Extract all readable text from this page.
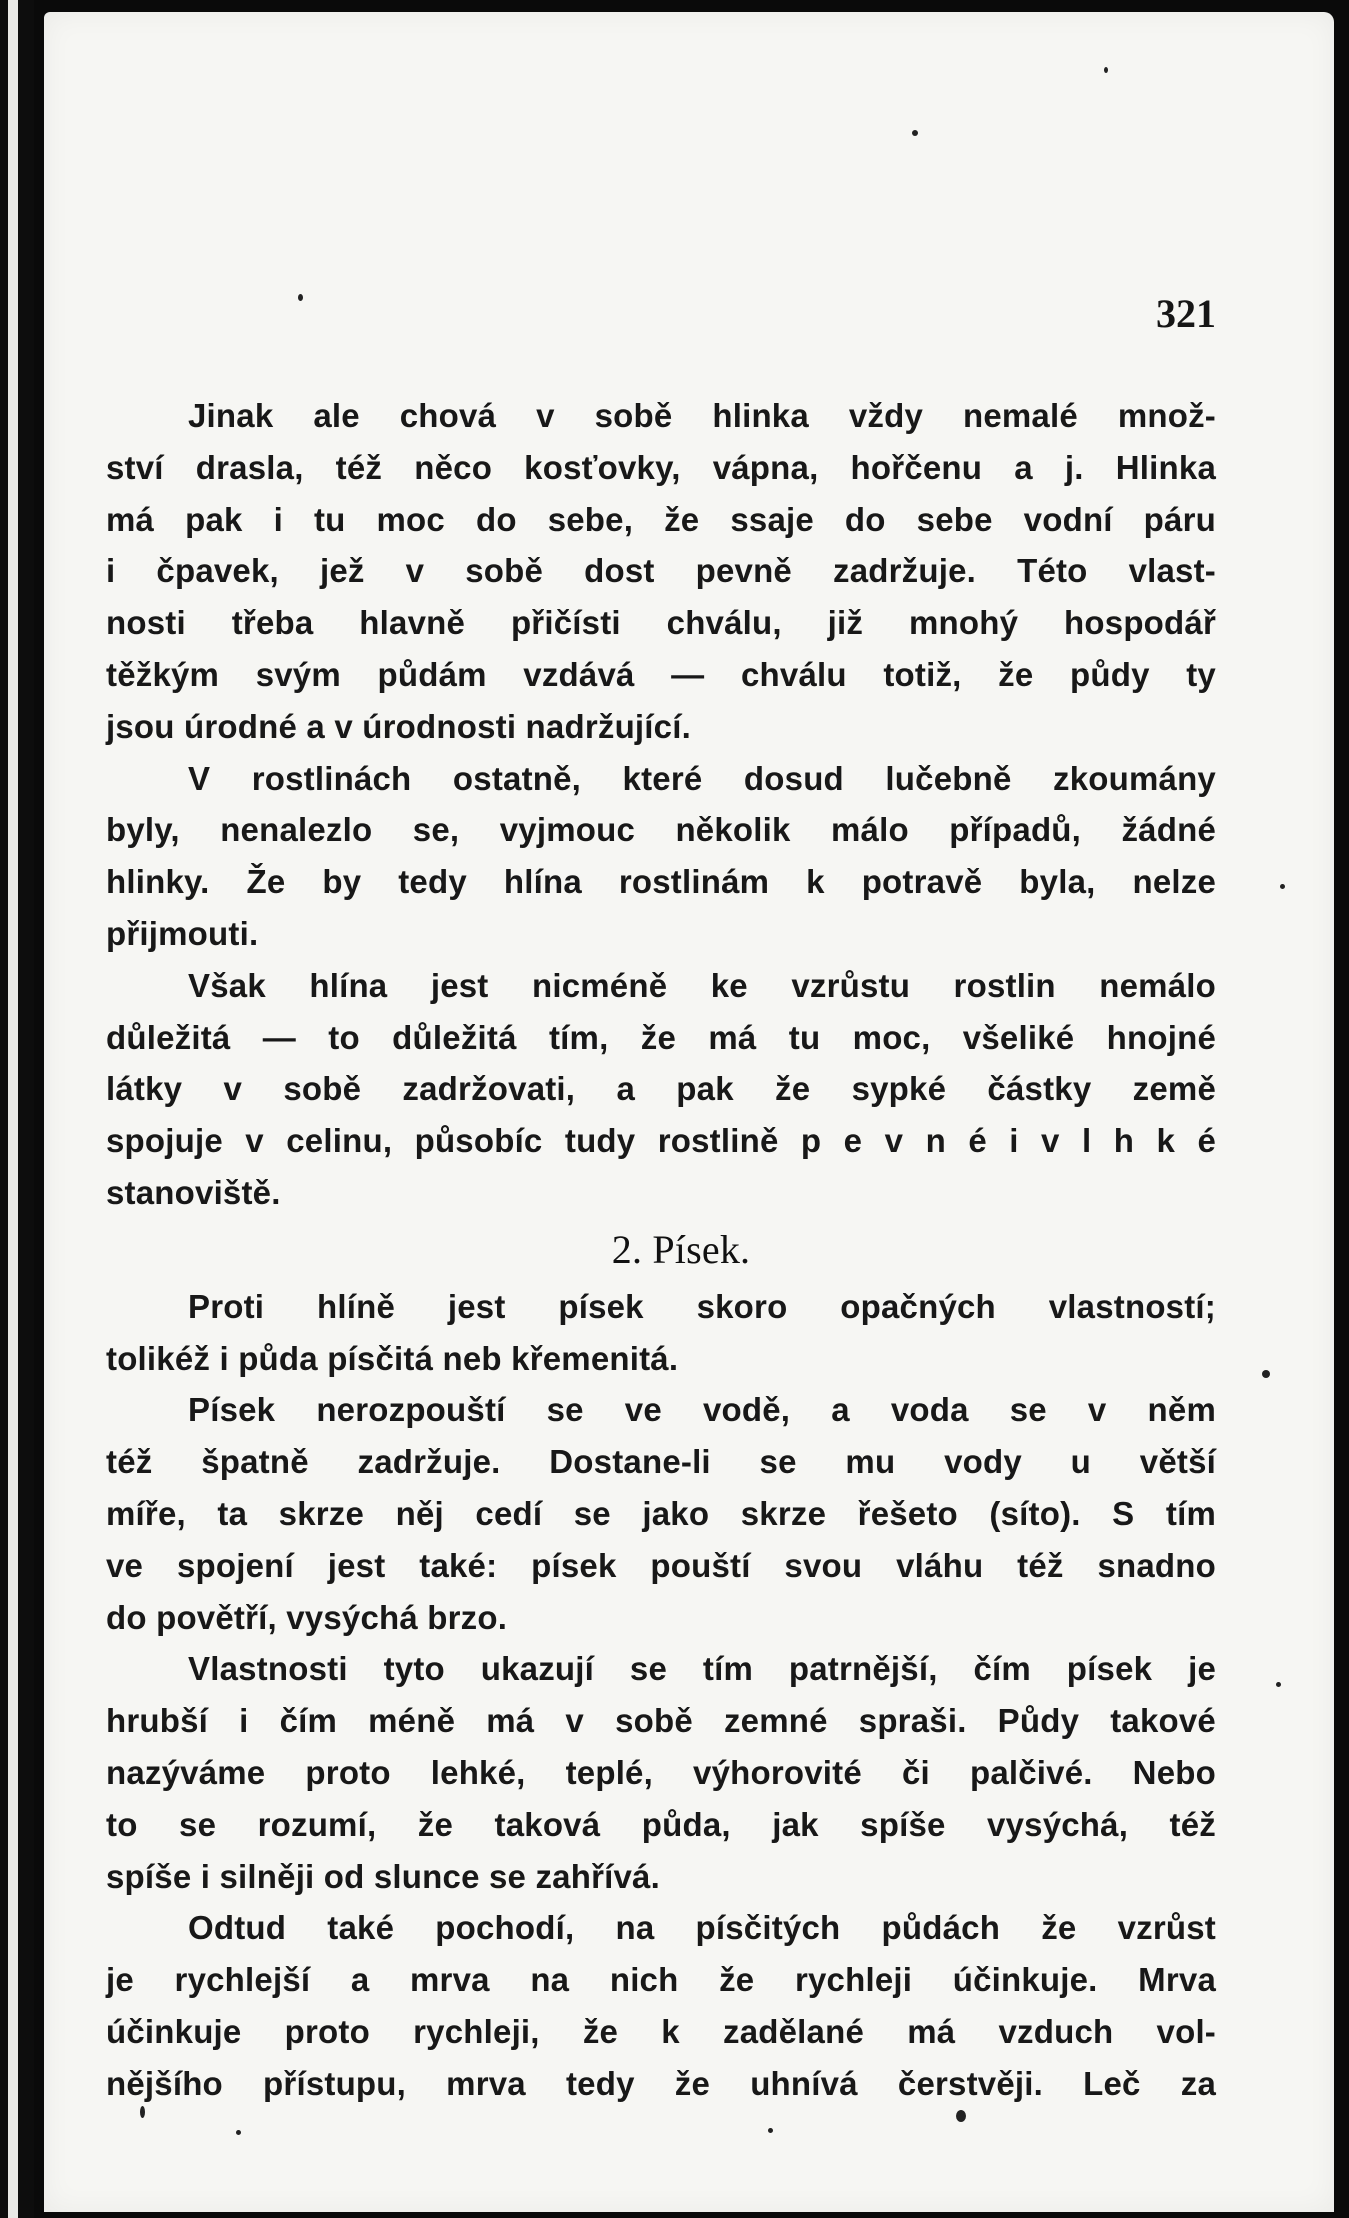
321
Jinak ale chová v sobě hlinka vždy nemalé množ-
ství drasla, též něco kosťovky, vápna, hořčenu a j. Hlinka
má pak i tu moc do sebe, že ssaje do sebe vodní páru
i čpavek, jež v sobě dost pevně zadržuje. Této vlast-
nosti třeba hlavně přičísti chválu, již mnohý hospodář
těžkým svým půdám vzdává — chválu totiž, že půdy ty
jsou úrodné a v úrodnosti nadržující.
V rostlinách ostatně, které dosud lučebně zkoumány
byly, nenalezlo se, vyjmouc několik málo případů, žádné
hlinky. Že by tedy hlína rostlinám k potravě byla, nelze
přijmouti.
Však hlína jest nicméně ke vzrůstu rostlin nemálo
důležitá — to důležitá tím, že má tu moc, všeliké hnojné
látky v sobě zadržovati, a pak že sypké částky země
spojuje v celinu, působíc tudy rostlině p e v n é i v l h k é
stanoviště.
2. Písek.
Proti hlíně jest písek skoro opačných vlastností;
tolikéž i půda písčitá neb křemenitá.
Písek nerozpouští se ve vodě, a voda se v něm
též špatně zadržuje. Dostane-li se mu vody u větší
míře, ta skrze něj cedí se jako skrze řešeto (síto). S tím
ve spojení jest také: písek pouští svou vláhu též snadno
do povětří, vysýchá brzo.
Vlastnosti tyto ukazují se tím patrnější, čím písek je
hrubší i čím méně má v sobě zemné spraši. Půdy takové
nazýváme proto lehké, teplé, výhorovité či palčivé. Nebo
to se rozumí, že taková půda, jak spíše vysýchá, též
spíše i silněji od slunce se zahřívá.
Odtud také pochodí, na písčitých půdách že vzrůst
je rychlejší a mrva na nich že rychleji účinkuje. Mrva
účinkuje proto rychleji, že k zadělané má vzduch vol-
nějšího přístupu, mrva tedy že uhnívá čerstvěji. Leč za
